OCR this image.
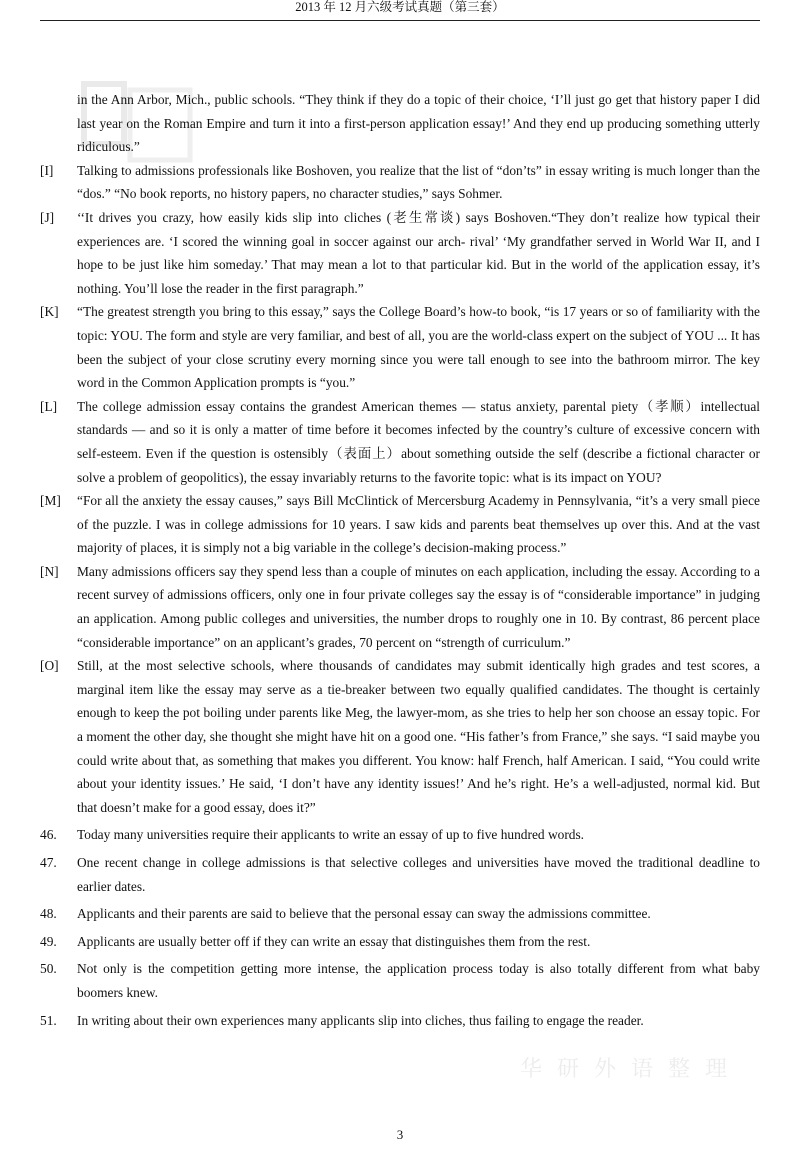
2013 年 12 月六级考试真题（第三套）
华 研 外 语 整 理
in the Ann Arbor, Mich., public schools. “They think if they do a topic of their choice, ‘I’ll just go get that history paper I did last year on the Roman Empire and turn it into a first-person application essay!’ And they end up producing something utterly ridiculous.”
[I] Talking to admissions professionals like Boshoven, you realize that the list of “don’ts” in essay writing is much longer than the “dos.” “No book reports, no history papers, no character studies,” says Sohmer.
[J] ‘‘It drives you crazy, how easily kids slip into cliches (老生常谈) says Boshoven.“They don’t realize how typical their experiences are. ‘I scored the winning goal in soccer against our arch- rival’ ‘My grandfather served in World War II, and I hope to be just like him someday.’ That may mean a lot to that particular kid. But in the world of the application essay, it’s nothing. You’ll lose the reader in the first paragraph.”
[K] “The greatest strength you bring to this essay,” says the College Board’s how-to book, “is 17 years or so of familiarity with the topic: YOU. The form and style are very familiar, and best of all, you are the world-class expert on the subject of YOU ... It has been the subject of your close scrutiny every morning since you were tall enough to see into the bathroom mirror. The key word in the Common Application prompts is “you.”
[L] The college admission essay contains the grandest American themes — status anxiety, parental piety（孝顺）intellectual standards — and so it is only a matter of time before it becomes infected by the country’s culture of excessive concern with self-esteem. Even if the question is ostensibly（表面上）about something outside the self (describe a fictional character or solve a problem of geopolitics), the essay invariably returns to the favorite topic: what is its impact on YOU?
[M] “For all the anxiety the essay causes,” says Bill McClintick of Mercersburg Academy in Pennsylvania, “it’s a very small piece of the puzzle. I was in college admissions for 10 years. I saw kids and parents beat themselves up over this. And at the vast majority of places, it is simply not a big variable in the college’s decision-making process.”
[N] Many admissions officers say they spend less than a couple of minutes on each application, including the essay. According to a recent survey of admissions officers, only one in four private colleges say the essay is of “considerable importance” in judging an application. Among public colleges and universities, the number drops to roughly one in 10. By contrast, 86 percent place “considerable importance” on an applicant’s grades, 70 percent on “strength of curriculum.”
[O] Still, at the most selective schools, where thousands of candidates may submit identically high grades and test scores, a marginal item like the essay may serve as a tie-breaker between two equally qualified candidates. The thought is certainly enough to keep the pot boiling under parents like Meg, the lawyer-mom, as she tries to help her son choose an essay topic. For a moment the other day, she thought she might have hit on a good one. “His father’s from France,” she says. “I said maybe you could write about that, as something that makes you different. You know: half French, half American. I said, “You could write about your identity issues.’ He said, ‘I don’t have any identity issues!’ And he’s right. He’s a well-adjusted, normal kid. But that doesn’t make for a good essay, does it?”
46. Today many universities require their applicants to write an essay of up to five hundred words.
47. One recent change in college admissions is that selective colleges and universities have moved the traditional deadline to earlier dates.
48. Applicants and their parents are said to believe that the personal essay can sway the admissions committee.
49. Applicants are usually better off if they can write an essay that distinguishes them from the rest.
50. Not only is the competition getting more intense, the application process today is also totally different from what baby boomers knew.
51. In writing about their own experiences many applicants slip into cliches, thus failing to engage the reader.
3
